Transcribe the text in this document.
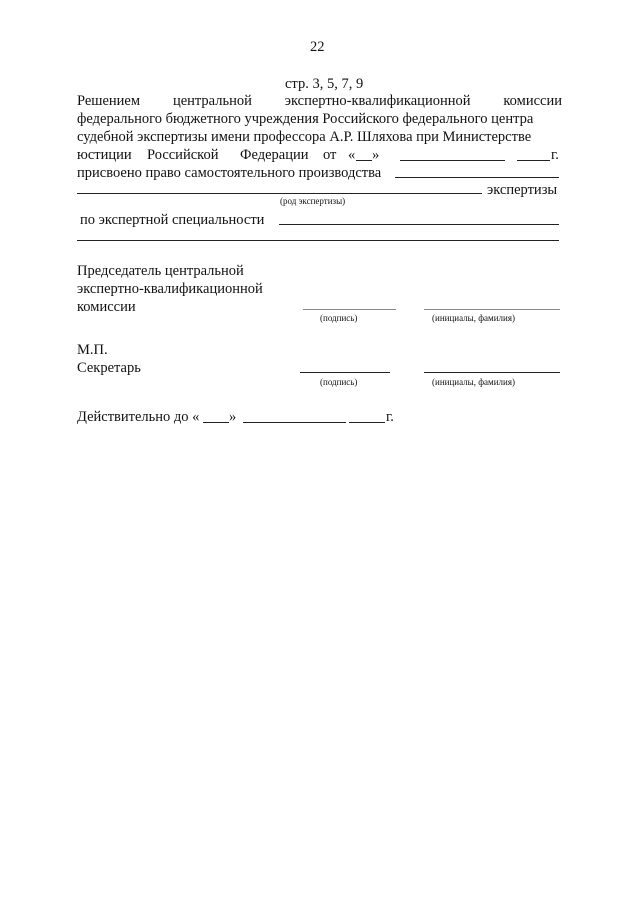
22
стр. 3, 5, 7, 9
Решением центральной экспертно-квалификационной комиссии
федерального бюджетного учреждения Российского федерального центра
судебной экспертизы имени профессора А.Р. Шляхова при Министерстве
юстиции Российской Федерации от « »	г.
присвоено право самостоятельного производства
экспертизы
(род экспертизы)
по экспертной специальности
Председатель центральной
экспертно-квалификационной
комиссии
(подпись)	(инициалы, фамилия)
М.П.
Секретарь
(подпись)	(инициалы, фамилия)
Действительно до « »	г.
